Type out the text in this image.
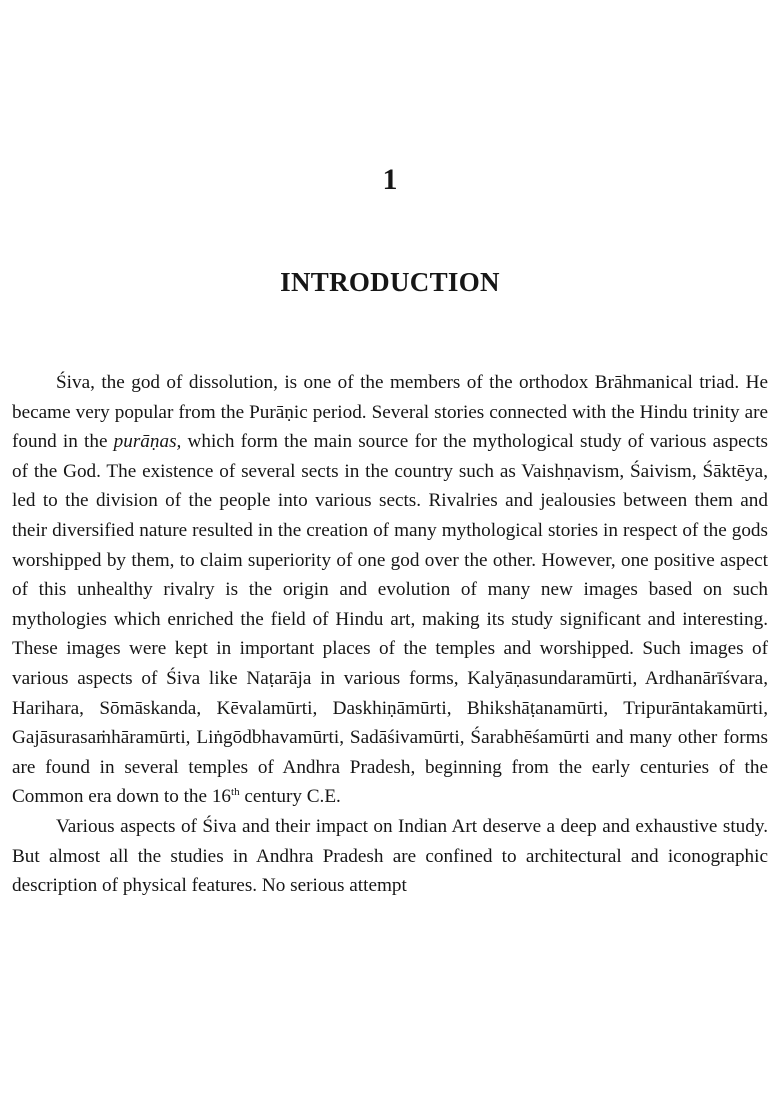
1
INTRODUCTION

Śiva, the god of dissolution, is one of the members of the orthodox Brāhmanical triad. He became very popular from the Purāṇic period. Several stories connected with the Hindu trinity are found in the purāṇas, which form the main source for the mythological study of various aspects of the God. The existence of several sects in the country such as Vaishṇavism, Śaivism, Śāktēya, led to the division of the people into various sects. Rivalries and jealousies between them and their diversified nature resulted in the creation of many mythological stories in respect of the gods worshipped by them, to claim superiority of one god over the other. However, one positive aspect of this unhealthy rivalry is the origin and evolution of many new images based on such mythologies which enriched the field of Hindu art, making its study significant and interesting. These images were kept in important places of the temples and worshipped. Such images of various aspects of Śiva like Naṭarāja in various forms, Kalyāṇasundaramūrti, Ardhanārīśvara, Harihara, Sōmāskanda, Kēvalamūrti, Daskhiṇāmūrti, Bhikshāṭanamūrti, Tripurāntakamūrti, Gajāsurasaṁhāramūrti, Liṅgōdbhavamūrti, Sadāśivamūrti, Śarabhēśamūrti and many other forms are found in several temples of Andhra Pradesh, beginning from the early centuries of the Common era down to the 16th century C.E.

Various aspects of Śiva and their impact on Indian Art deserve a deep and exhaustive study. But almost all the studies in Andhra Pradesh are confined to architectural and iconographic description of physical features. No serious attempt
